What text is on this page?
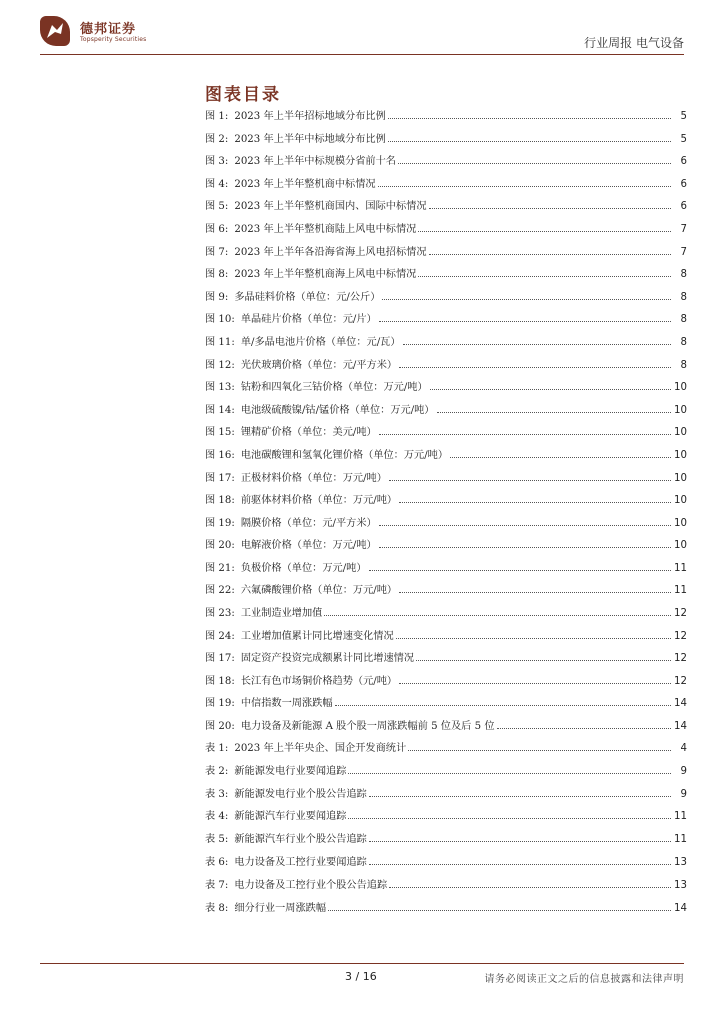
德邦证券
Topsperity Securities	行业周报 电气设备
图表目录
图 1: 2023 年上半年招标地域分布比例	5
图 2: 2023 年上半年中标地域分布比例	5
图 3: 2023 年上半年中标规模分省前十名	6
图 4: 2023 年上半年整机商中标情况	6
图 5: 2023 年上半年整机商国内、国际中标情况	6
图 6: 2023 年上半年整机商陆上风电中标情况	7
图 7: 2023 年上半年各沿海省海上风电招标情况	7
图 8: 2023 年上半年整机商海上风电中标情况	8
图 9: 多晶硅料价格（单位：元/公斤）	8
图 10: 单晶硅片价格（单位：元/片）	8
图 11: 单/多晶电池片价格（单位：元/瓦）	8
图 12: 光伏玻璃价格（单位：元/平方米）	8
图 13: 钴粉和四氧化三钴价格（单位：万元/吨）	10
图 14: 电池级硫酸镍/钴/锰价格（单位：万元/吨）	10
图 15: 锂精矿价格（单位：美元/吨）	10
图 16: 电池碳酸锂和氢氧化锂价格（单位：万元/吨）	10
图 17: 正极材料价格（单位：万元/吨）	10
图 18: 前驱体材料价格（单位：万元/吨）	10
图 19: 隔膜价格（单位：元/平方米）	10
图 20: 电解液价格（单位：万元/吨）	10
图 21: 负极价格（单位：万元/吨）	11
图 22: 六氟磷酸锂价格（单位：万元/吨）	11
图 23: 工业制造业增加值	12
图 24: 工业增加值累计同比增速变化情况	12
图 17: 固定资产投资完成额累计同比增速情况	12
图 18: 长江有色市场铜价格趋势（元/吨）	12
图 19: 中信指数一周涨跌幅	14
图 20: 电力设备及新能源 A 股个股一周涨跌幅前 5 位及后 5 位	14
表 1: 2023 年上半年央企、国企开发商统计	4
表 2: 新能源发电行业要闻追踪	9
表 3: 新能源发电行业个股公告追踪	9
表 4: 新能源汽车行业要闻追踪	11
表 5: 新能源汽车行业个股公告追踪	11
表 6: 电力设备及工控行业要闻追踪	13
表 7: 电力设备及工控行业个股公告追踪	13
表 8: 细分行业一周涨跌幅	14
3 / 16	请务必阅读正文之后的信息披露和法律声明
